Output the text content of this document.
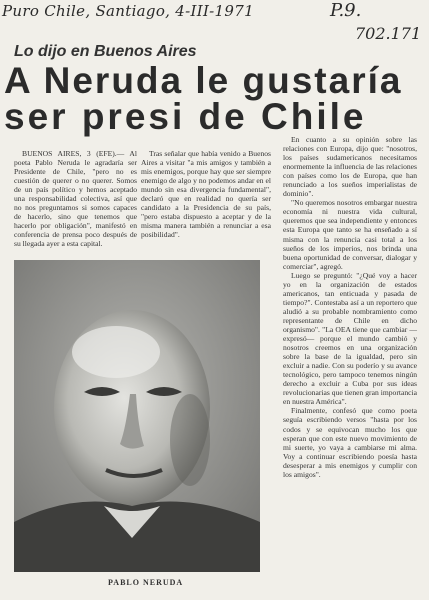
Puro Chile, Santiago, 4-III-1971	P.9.
702.171
Lo dijo en Buenos Aires
A Neruda le gustaría
ser presi de Chile

BUENOS AIRES, 3 (EFE).— Al poeta Pablo Neruda le agradaría ser Presidente de Chile, "pero no es cuestión de querer o no querer. Somos de un país político y hemos aceptado una responsabilidad colectiva, así que no nos preguntamos si somos capaces de hacerlo, sino que tenemos que hacerlo por obligación", manifestó en conferencia de prensa poco después de su llegada ayer a esta capital.

Tras señalar que había venido a Buenos Aires a visitar "a mis amigos y también a mis enemigos, porque hay que ser siempre enemigo de algo y no podemos andar en el mundo sin esa divergencia fundamental", declaró que en realidad no quería ser candidato a la Presidencia de su país, "pero estaba dispuesto a aceptar y de la misma manera también a renunciar a esa posibilidad".

En cuanto a su opinión sobre las relaciones con Europa, dijo que: "nosotros, los países sudamericanos necesitamos enormemente la influencia de las relaciones con países como los de Europa, que han renunciado a los sueños imperialistas de dominio".

"No queremos nosotros embargar nuestra economía ni nuestra vida cultural, queremos que sea independiente y entonces esta Europa que tanto se ha enseñado a sí misma con la renuncia casi total a los sueños de los imperios, nos brinda una buena oportunidad de conversar, dialogar y comerciar", agregó.

Luego se preguntó: "¿Qué voy a hacer yo en la organización de estados americanos, tan enticuada y pasada de tiempo?". Contestaba así a un reportero que aludió a su probable nombramiento como representante de Chile en dicho organismo". "La OEA tiene que cambiar —expresó— porque el mundo cambió y nosotros creemos en una organización sobre la base de la igualdad, pero sin excluir a nadie. Con su poderío y su avance tecnológico, pero tampoco tenemos ningún derecho a excluir a Cuba por sus ideas revolucionarias que tienen gran importancia en nuestra América".

Finalmente, confesó que como poeta seguía escribiendo versos "hasta por los codos y se equivocan mucho los que esperan que con este nuevo movimiento de mi suerte, yo vaya a cambiarse mi alma. Voy a continuar escribiendo poesía hasta desesperar a mis enemigos y cumplir con los amigos".

PABLO NERUDA
